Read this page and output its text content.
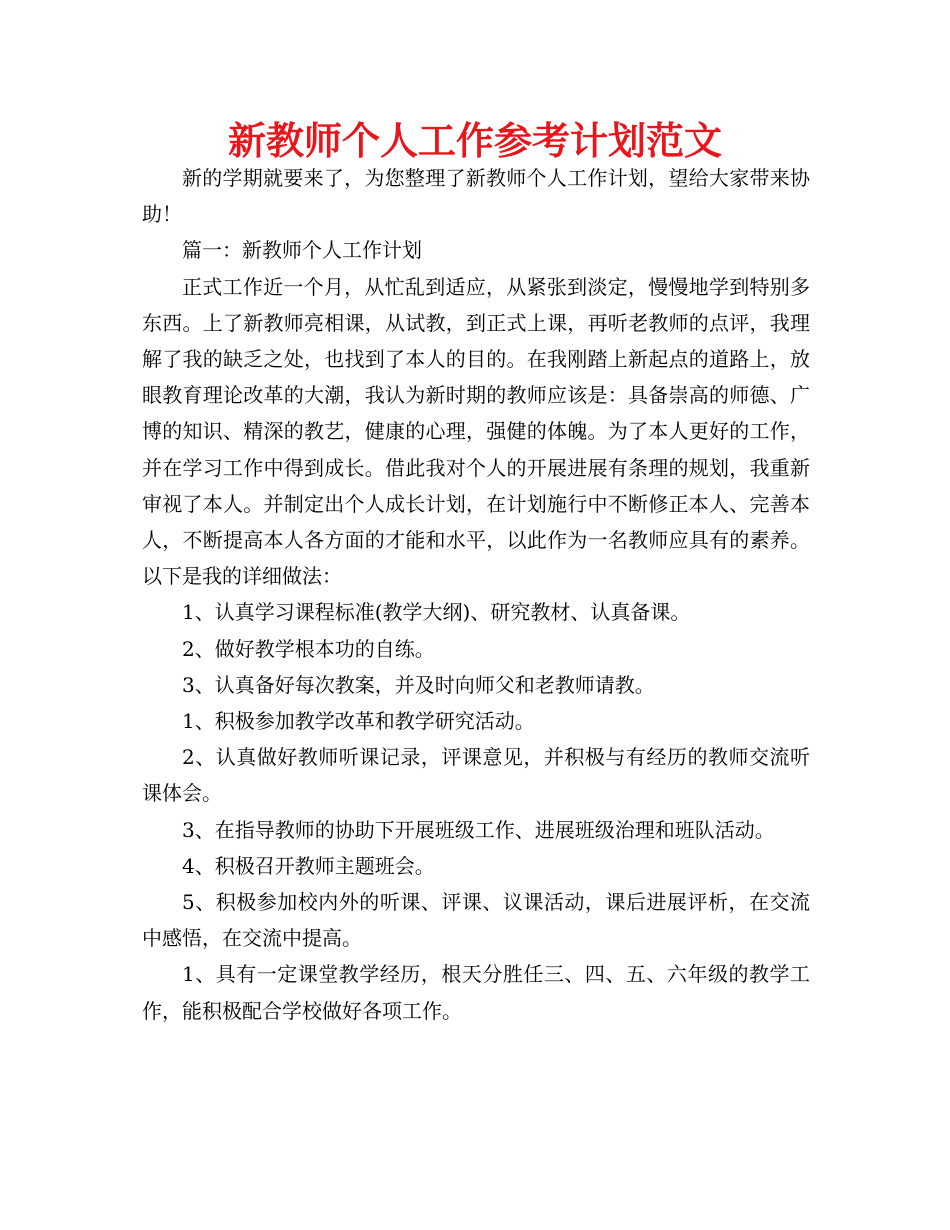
新教师个人工作参考计划范文

新的学期就要来了，为您整理了新教师个人工作计划，望给大家带来协助！

篇一：新教师个人工作计划

正式工作近一个月，从忙乱到适应，从紧张到淡定，慢慢地学到特别多东西。上了新教师亮相课，从试教，到正式上课，再听老教师的点评，我理解了我的缺乏之处，也找到了本人的目的。在我刚踏上新起点的道路上，放眼教育理论改革的大潮，我认为新时期的教师应该是：具备崇高的师德、广博的知识、精深的教艺，健康的心理，强健的体魄。为了本人更好的工作，并在学习工作中得到成长。借此我对个人的开展进展有条理的规划，我重新审视了本人。并制定出个人成长计划，在计划施行中不断修正本人、完善本人，不断提高本人各方面的才能和水平，以此作为一名教师应具有的素养。以下是我的详细做法：

1、认真学习课程标准(教学大纲)、研究教材、认真备课。

2、做好教学根本功的自练。

3、认真备好每次教案，并及时向师父和老教师请教。

1、积极参加教学改革和教学研究活动。

2、认真做好教师听课记录，评课意见，并积极与有经历的教师交流听课体会。

3、在指导教师的协助下开展班级工作、进展班级治理和班队活动。

4、积极召开教师主题班会。

5、积极参加校内外的听课、评课、议课活动，课后进展评析，在交流中感悟，在交流中提高。

1、具有一定课堂教学经历，根天分胜任三、四、五、六年级的教学工作，能积极配合学校做好各项工作。
